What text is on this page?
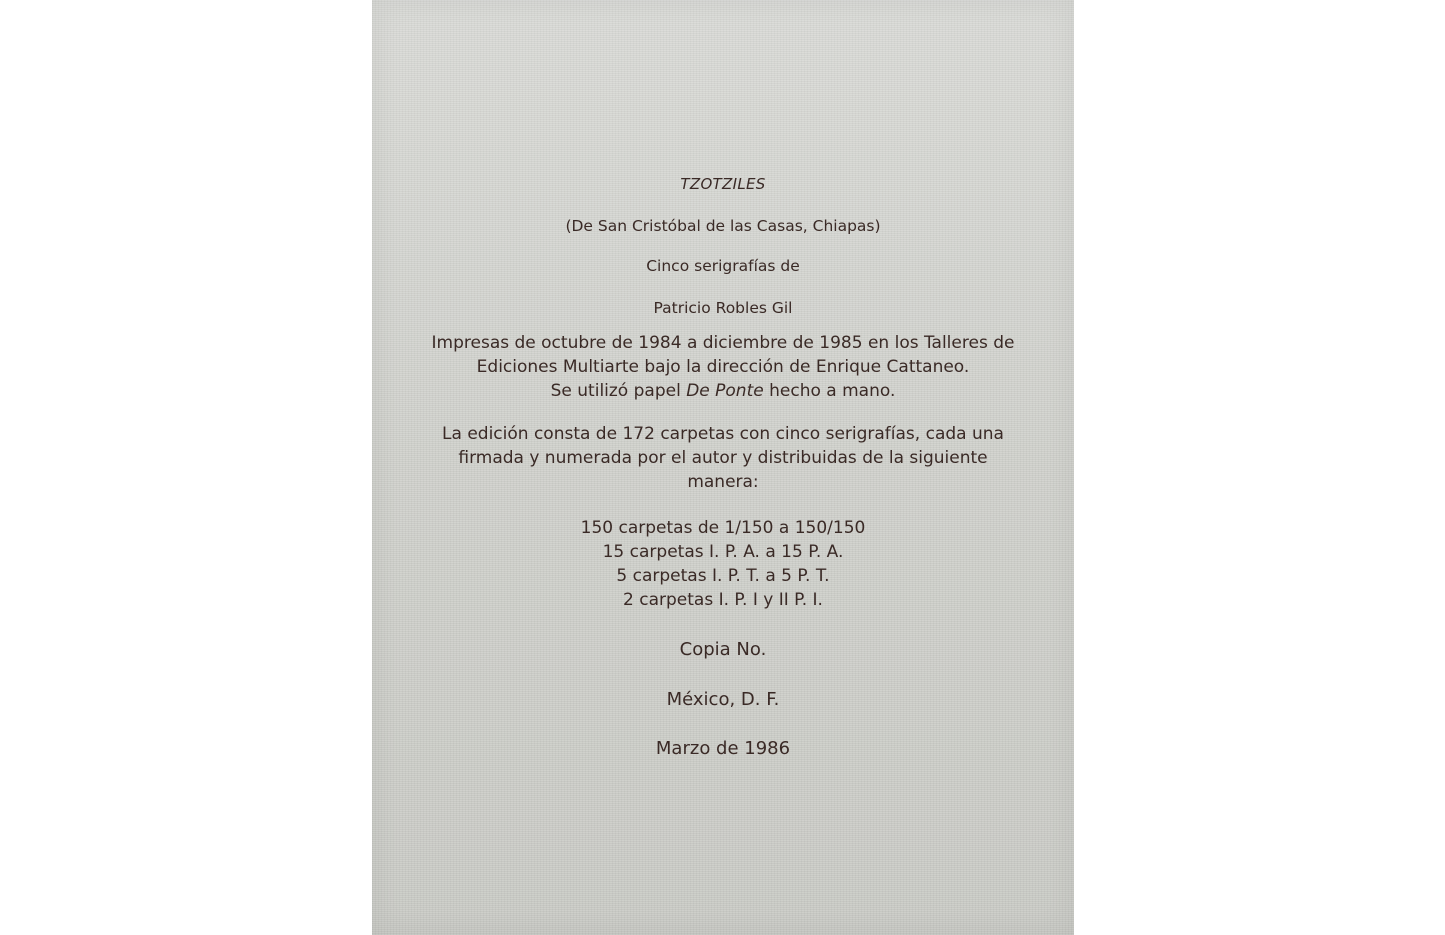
TZOTZILES
(De San Cristóbal de las Casas, Chiapas)
Cinco serigrafías de
Patricio Robles Gil
Impresas de octubre de 1984 a diciembre de 1985 en los Talleres de
Ediciones Multiarte bajo la dirección de Enrique Cattaneo.
Se utilizó papel De Ponte hecho a mano.
La edición consta de 172 carpetas con cinco serigrafías, cada una
firmada y numerada por el autor y distribuidas de la siguiente
manera:
150 carpetas de 1/150 a 150/150
15 carpetas I. P. A. a 15 P. A.
5 carpetas I. P. T. a 5 P. T.
2 carpetas I. P. I y II P. I.
Copia No.
México, D. F.
Marzo de 1986
